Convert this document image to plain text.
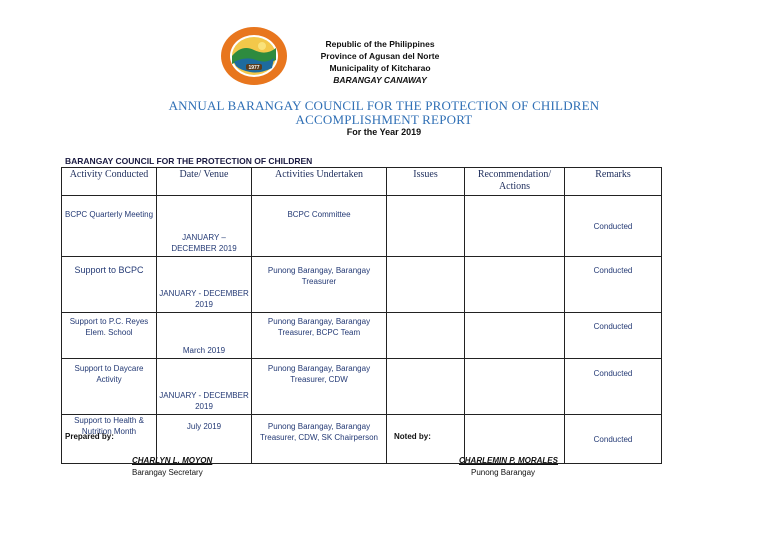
1977
Republic of the Philippines
Province of Agusan del Norte
Municipality of Kitcharao
BARANGAY CANAWAY
ANNUAL BARANGAY COUNCIL FOR THE PROTECTION OF CHILDREN
ACCOMPLISHMENT REPORT
For the Year 2019
BARANGAY COUNCIL FOR THE PROTECTION OF CHILDREN
Activity Conducted	Date/ Venue	Activities Undertaken	Issues	Recommendation/ Actions	Remarks
BCPC Quarterly Meeting	JANUARY – DECEMBER 2019	BCPC Committee			Conducted
Support to BCPC	JANUARY - DECEMBER 2019	Punong Barangay, Barangay Treasurer			Conducted
Support to P.C. Reyes Elem. School	March 2019	Punong Barangay, Barangay Treasurer, BCPC Team			Conducted
Support to Daycare Activity	JANUARY - DECEMBER 2019	Punong Barangay, Barangay Treasurer, CDW			Conducted
Support to Health & Nutrition Month	July 2019	Punong Barangay, Barangay Treasurer, CDW, SK Chairperson			Conducted
Prepared by:
CHARLYN L. MOYON
Barangay Secretary
Noted by:
CHARLEMIN P. MORALES
Punong Barangay
